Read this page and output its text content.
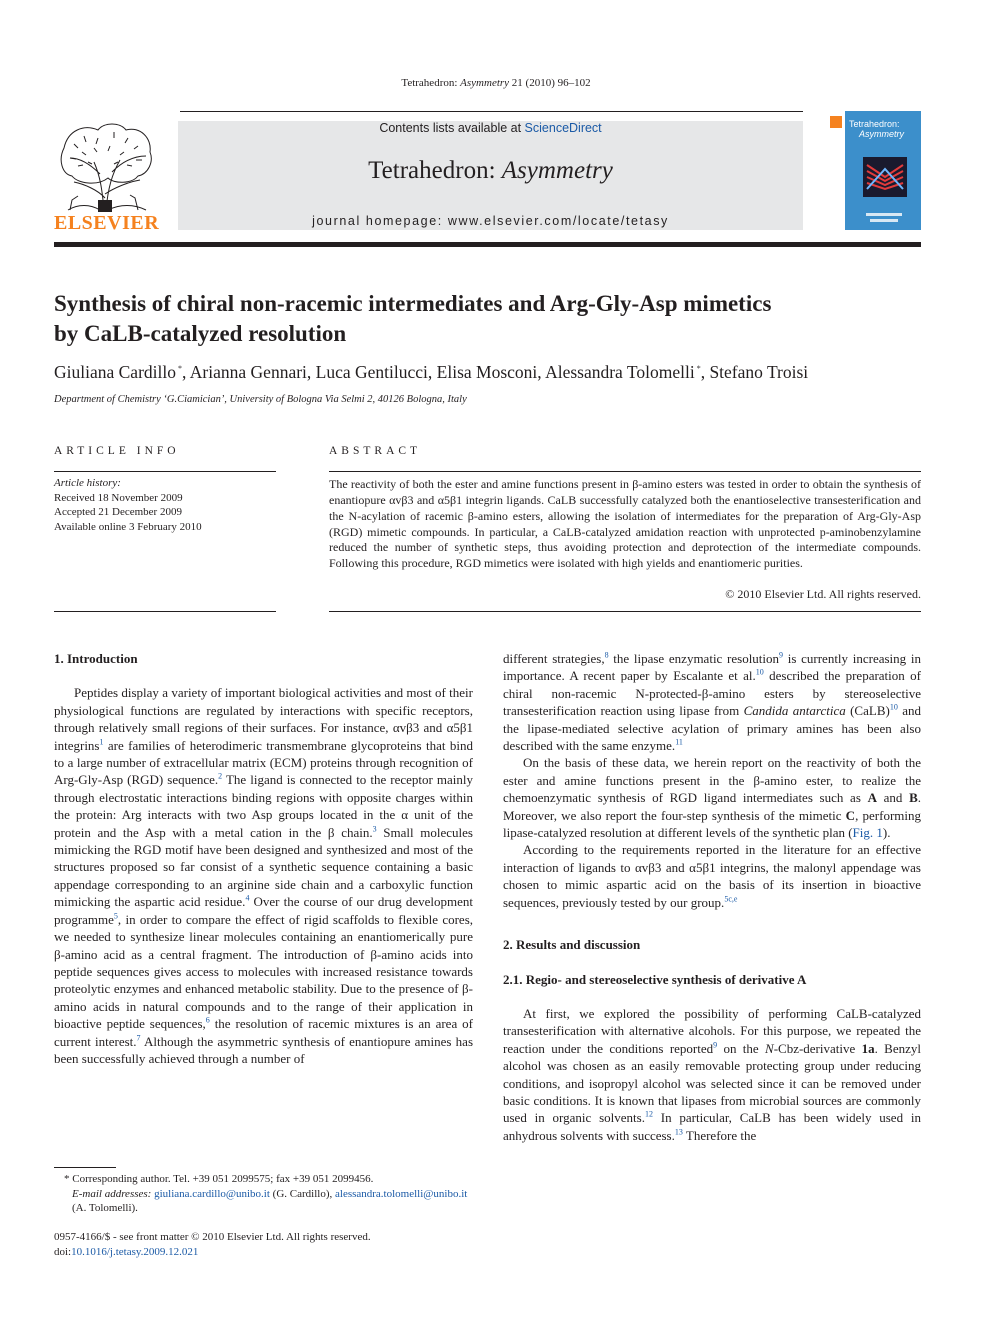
Tetrahedron: Asymmetry 21 (2010) 96–102
ELSEVIER
Contents lists available at ScienceDirect
Tetrahedron: Asymmetry
journal homepage: www.elsevier.com/locate/tetasy
Tetrahedron:
Asymmetry
Synthesis of chiral non-racemic intermediates and Arg-Gly-Asp mimetics
by CaLB-catalyzed resolution
Giuliana Cardillo *, Arianna Gennari, Luca Gentilucci, Elisa Mosconi, Alessandra Tolomelli *, Stefano Troisi
Department of Chemistry ‘G.Ciamician’, University of Bologna Via Selmi 2, 40126 Bologna, Italy
ARTICLE INFO
Article history:
Received 18 November 2009
Accepted 21 December 2009
Available online 3 February 2010
ABSTRACT
The reactivity of both the ester and amine functions present in β-amino esters was tested in order to obtain the synthesis of enantiopure αvβ3 and α5β1 integrin ligands. CaLB successfully catalyzed both the enantioselective transesterification and the N-acylation of racemic β-amino esters, allowing the isolation of intermediates for the preparation of Arg-Gly-Asp (RGD) mimetic compounds. In particular, a CaLB-catalyzed amidation reaction with unprotected p-aminobenzylamine reduced the number of synthetic steps, thus avoiding protection and deprotection of the intermediate compounds. Following this procedure, RGD mimetics were isolated with high yields and enantiomeric purities.
© 2010 Elsevier Ltd. All rights reserved.
1. Introduction

Peptides display a variety of important biological activities and most of their physiological functions are regulated by interactions with specific receptors, through relatively small regions of their surfaces. For instance, αvβ3 and α5β1 integrins$^1$ are families of heterodimeric transmembrane glycoproteins that bind to a large number of extracellular matrix (ECM) proteins through recognition of Arg-Gly-Asp (RGD) sequence.$^2$ The ligand is connected to the receptor mainly through electrostatic interactions binding regions with opposite charges within the protein: Arg interacts with two Asp groups located in the α unit of the protein and the Asp with a metal cation in the β chain.$^3$ Small molecules mimicking the RGD motif have been designed and synthesized and most of the structures proposed so far consist of a synthetic sequence containing a basic appendage corresponding to an arginine side chain and a carboxylic function mimicking the aspartic acid residue.$^4$ Over the course of our drug development programme$^5$, in order to compare the effect of rigid scaffolds to flexible cores, we needed to synthesize linear molecules containing an enantiomerically pure β-amino acid as a central fragment. The introduction of β-amino acids into peptide sequences gives access to molecules with increased resistance towards proteolytic enzymes and enhanced metabolic stability. Due to the presence of β-amino acids in natural compounds and to the range of their application in bioactive peptide sequences,$^6$ the resolution of racemic mixtures is an area of current interest.$^7$ Although the asymmetric synthesis of enantiopure amines has been successfully achieved through a number of

different strategies,$^8$ the lipase enzymatic resolution$^9$ is currently increasing in importance. A recent paper by Escalante et al.$^{10}$ described the preparation of chiral non-racemic N-protected-β-amino esters by stereoselective transesterification reaction using lipase from Candida antarctica (CaLB)$^{10}$ and the lipase-mediated selective acylation of primary amines has been also described with the same enzyme.$^{11}$

On the basis of these data, we herein report on the reactivity of both the ester and amine functions present in the β-amino ester, to realize the chemoenzymatic synthesis of RGD ligand intermediates such as A and B. Moreover, we also report the four-step synthesis of the mimetic C, performing lipase-catalyzed resolution at different levels of the synthetic plan (Fig. 1).

According to the requirements reported in the literature for an effective interaction of ligands to αvβ3 and α5β1 integrins, the malonyl appendage was chosen to mimic aspartic acid on the basis of its insertion in bioactive sequences, previously tested by our group.$^{5c,e}$

2. Results and discussion
2.1. Regio- and stereoselective synthesis of derivative A

At first, we explored the possibility of performing CaLB-catalyzed transesterification with alternative alcohols. For this purpose, we repeated the reaction under the conditions reported$^9$ on the N-Cbz-derivative 1a. Benzyl alcohol was chosen as an easily removable protecting group under reducing conditions, and isopropyl alcohol was selected since it can be removed under basic conditions. It is known that lipases from microbial sources are commonly used in organic solvents.$^{12}$ In particular, CaLB has been widely used in anhydrous solvents with success.$^{13}$ Therefore the

* Corresponding author. Tel. +39 051 2099575; fax +39 051 2099456.
E-mail addresses: giuliana.cardillo@unibo.it (G. Cardillo), alessandra.tolomelli@unibo.it (A. Tolomelli).
0957-4166/$ - see front matter © 2010 Elsevier Ltd. All rights reserved.
doi:10.1016/j.tetasy.2009.12.021
